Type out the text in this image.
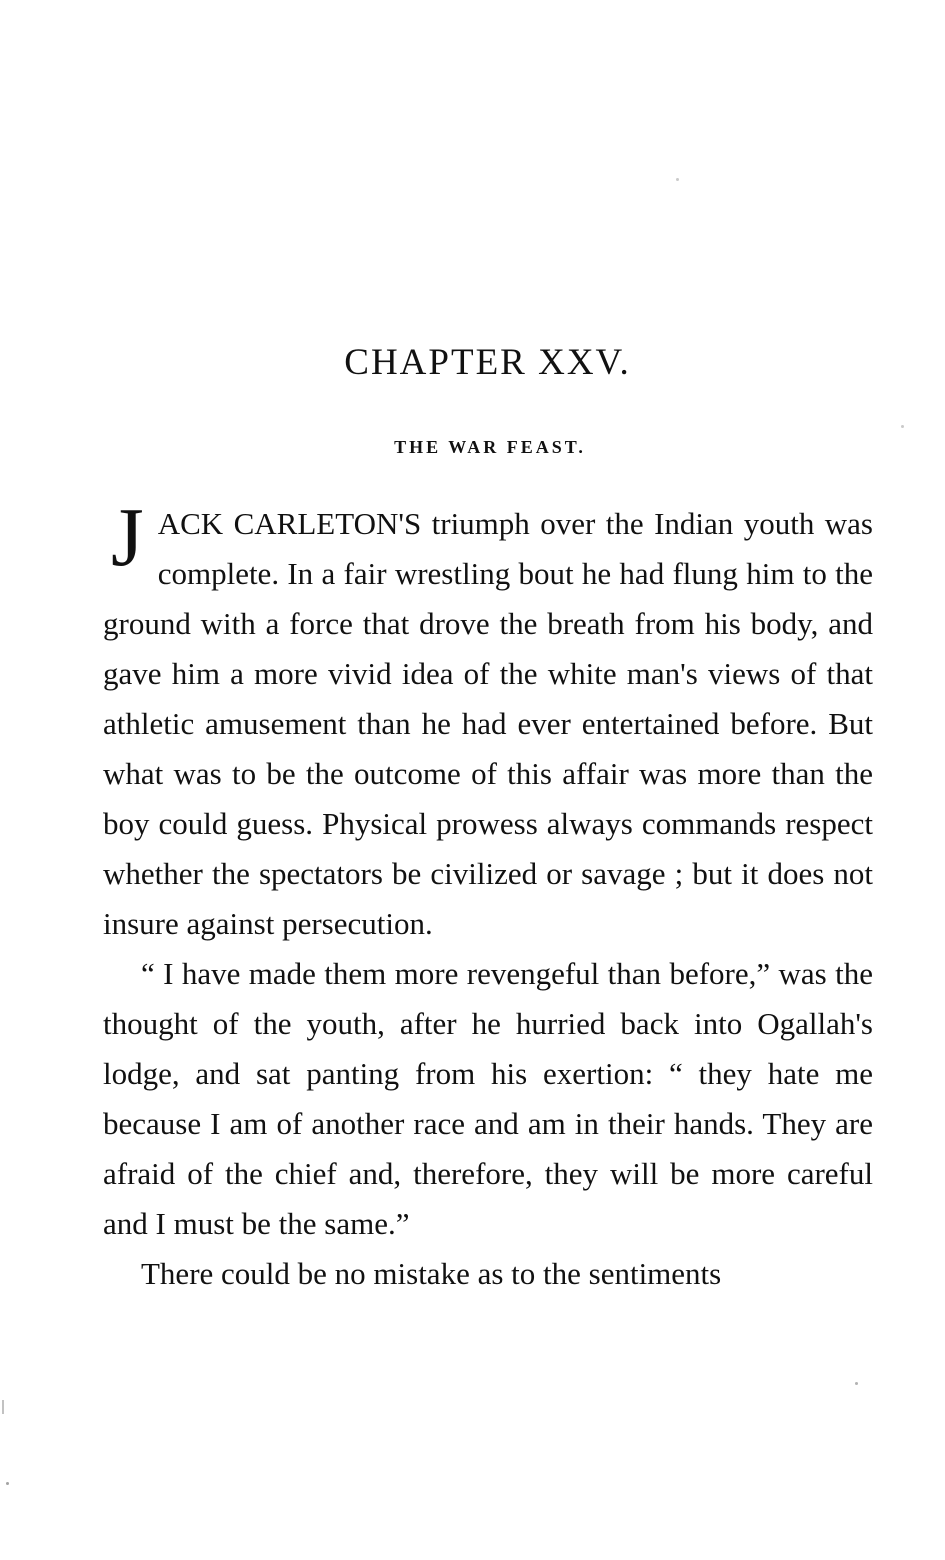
CHAPTER XXV.
THE WAR FEAST.

JACK CARLETON'S triumph over the Indian youth was complete. In a fair wrestling bout he had flung him to the ground with a force that drove the breath from his body, and gave him a more vivid idea of the white man's views of that athletic amusement than he had ever entertained before. But what was to be the outcome of this affair was more than the boy could guess. Physical prowess always commands respect whether the spectators be civilized or savage ; but it does not insure against persecution.

“ I have made them more revengeful than before,” was the thought of the youth, after he hurried back into Ogallah's lodge, and sat panting from his exertion: “ they hate me because I am of another race and am in their hands. They are afraid of the chief and, therefore, they will be more careful and I must be the same.”

There could be no mistake as to the sentiments
